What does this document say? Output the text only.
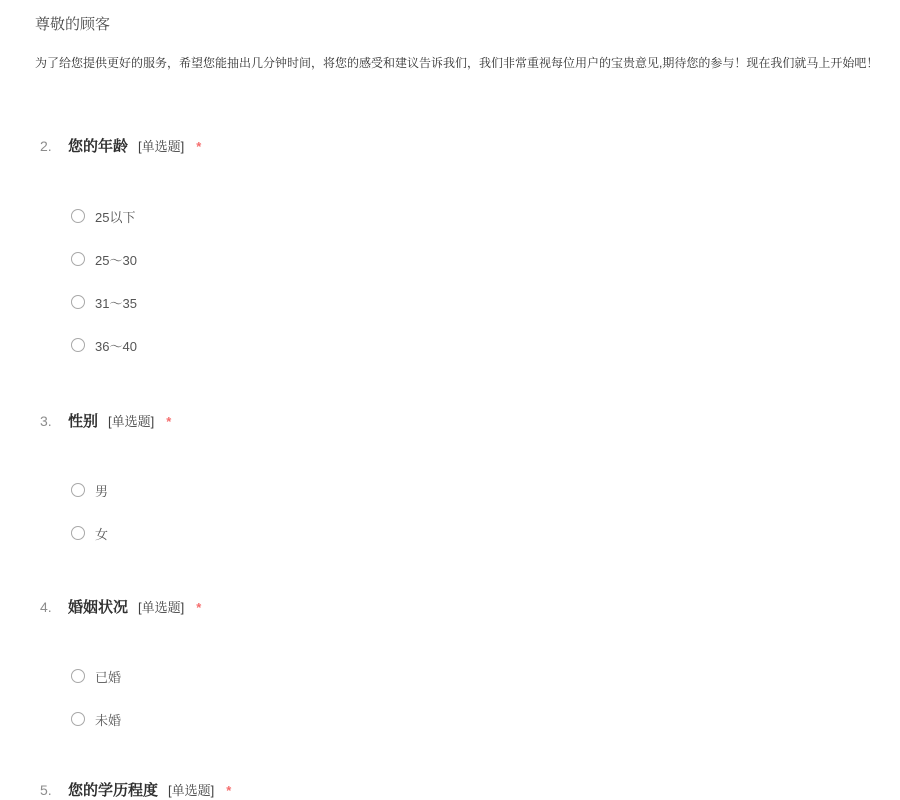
尊敬的顾客
为了给您提供更好的服务，希望您能抽出几分钟时间，将您的感受和建议告诉我们，我们非常重视每位用户的宝贵意见,期待您的参与！现在我们就马上开始吧！
2.	您的年龄 [单选题] *
25以下
25～30
31～35
36～40
3.	性别 [单选题] *
男
女
4.	婚姻状况 [单选题] *
已婚
未婚
5.	您的学历程度 [单选题] *
